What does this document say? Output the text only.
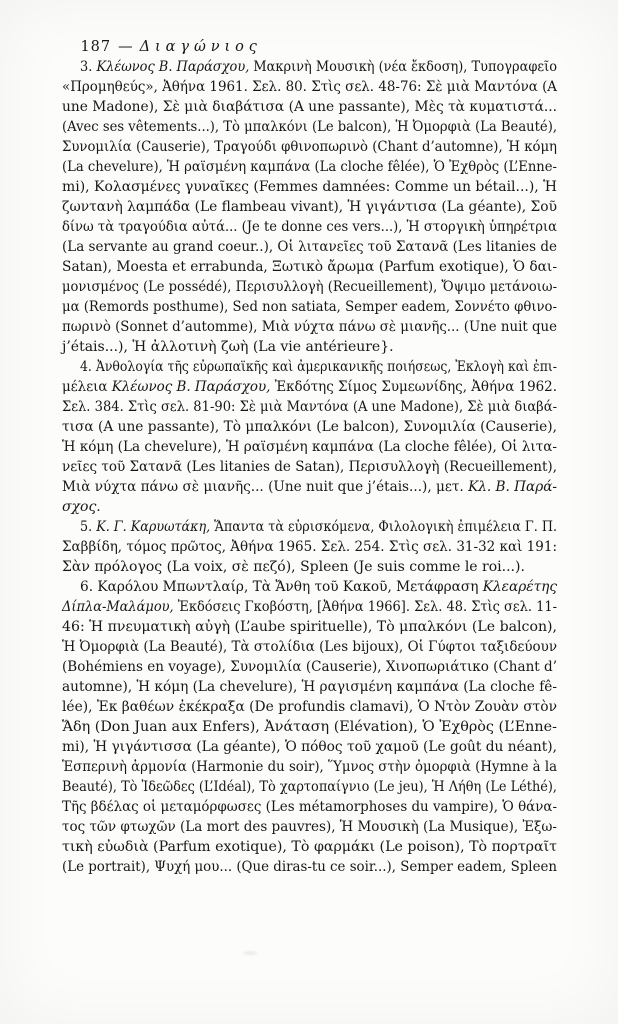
187 — Διαγώνιος

3. Κλέωνος Β. Παράσχου, Μακρινὴ Μουσικὴ (νέα ἔκδοση), Τυπογραφεῖο
«Προμηθεύς», Ἀθήνα 1961. Σελ. 80. Στὶς σελ. 48-76: Σὲ μιὰ Μαντόνα (A
une Madone), Σὲ μιὰ διαβάτισα (A une passante), Μὲς τὰ κυματιστά...
(Avec ses vêtements...), Τὸ μπαλκόνι (Le balcon), Ἡ Ὀμορφιὰ (La Beauté),
Συνομιλία (Causerie), Τραγούδι φθινοπωρινὸ (Chant d’automne), Ἡ κόμη
(La chevelure), Ἡ ραϊσμένη καμπάνα (La cloche fêlée), Ὁ Ἐχθρὸς (L’Enne-
mi), Κολασμένες γυναῖκες (Femmes damnées: Comme un bétail...), Ἡ
ζωντανὴ λαμπάδα (Le flambeau vivant), Ἡ γιγάντισα (La géante), Σοῦ
δίνω τὰ τραγούδια αὐτά... (Je te donne ces vers...), Ἡ στοργικὴ ὑπηρέτρια
(La servante au grand coeur..), Οἱ λιτανεῖες τοῦ Σατανᾶ (Les litanies de
Satan), Moesta et errabunda, Ξωτικὸ ἄρωμα (Parfum exotique), Ὁ δαι-
μονισμένος (Le possédé), Περισυλλογὴ (Recueillement), Ὄψιμο μετάνοιω-
μα (Remords posthume), Sed non satiata, Semper eadem, Σοννέτο φθινο-
πωρινὸ (Sonnet d’automme), Μιὰ νύχτα πάνω σὲ μιανῆς... (Une nuit que
j’étais...), Ἡ ἀλλοτινὴ ζωὴ (La vie antérieure}.
4. Ἀνθολογία τῆς εὐρωπαϊκῆς καὶ ἀμερικανικῆς ποιήσεως, Ἐκλογὴ καὶ ἐπι-
μέλεια Κλέωνος Β. Παράσχου, Ἐκδότης Σίμος Συμεωνίδης, Ἀθήνα 1962.
Σελ. 384. Στὶς σελ. 81-90: Σὲ μιὰ Μαντόνα (A une Madone), Σὲ μιὰ διαβά-
τισα (A une passante), Τὸ μπαλκόνι (Le balcon), Συνομιλία (Causerie),
Ἡ κόμη (La chevelure), Ἡ ραϊσμένη καμπάνα (La cloche fêlée), Οἱ λιτα-
νεῖες τοῦ Σατανᾶ (Les litanies de Satan), Περισυλλογὴ (Recueillement),
Μιὰ νύχτα πάνω σὲ μιανῆς... (Une nuit que j’étais...), μετ. Κλ. Β. Παρά-
σχος.
5. Κ. Γ. Καρυωτάκη, Ἅπαντα τὰ εὑρισκόμενα, Φιλολογικὴ ἐπιμέλεια Γ. Π.
Σαββίδη, τόμος πρῶτος, Ἀθήνα 1965. Σελ. 254. Στὶς σελ. 31-32 καὶ 191:
Σὰν πρόλογος (La voix, σὲ πεζό), Spleen (Je suis comme le roi...).
6. Καρόλου Μπωντλαίρ, Τὰ Ἄνθη τοῦ Κακοῦ, Μετάφραση Κλεαρέτης
Δίπλα-Μαλάμου, Ἐκδόσεις Γκοβόστη, [Ἀθήνα 1966]. Σελ. 48. Στὶς σελ. 11-
46: Ἡ πνευματικὴ αὐγὴ (L’aube spirituelle), Τὸ μπαλκόνι (Le balcon),
Ἡ Ὀμορφιὰ (La Beauté), Τὰ στολίδια (Les bijoux), Οἱ Γύφτοι ταξιδεύουν
(Bohémiens en voyage), Συνομιλία (Causerie), Χινοπωριάτικο (Chant d’
automne), Ἡ κόμη (La chevelure), Ἡ ραγισμένη καμπάνα (La cloche fê-
lée), Ἐκ βαθέων ἐκέκραξα (De profundis clamavi), Ὁ Ντὸν Ζουὰν στὸν
Ἅδη (Don Juan aux Enfers), Ἀνάταση (Elévation), Ὁ Ἐχθρὸς (L’Enne-
mi), Ἡ γιγάντισσα (La géante), Ὁ πόθος τοῦ χαμοῦ (Le goût du néant),
Ἑσπερινὴ ἁρμονία (Harmonie du soir), Ὕμνος στὴν ὀμορφιὰ (Hymne à la
Beauté), Τὸ Ἰδεῶδες (L’Idéal), Τὸ χαρτοπαίγνιο (Le jeu), Ἡ Λήθη (Le Léthé),
Τῆς βδέλας οἱ μεταμόρφωσες (Les métamorphoses du vampire), Ὁ θάνα-
τος τῶν φτωχῶν (La mort des pauvres), Ἡ Μουσικὴ (La Musique), Ἐξω-
τικὴ εὐωδιὰ (Parfum exotique), Τὸ φαρμάκι (Le poison), Τὸ πορτραῖτ
(Le portrait), Ψυχή μου... (Que diras-tu ce soir...), Semper eadem, Spleen
